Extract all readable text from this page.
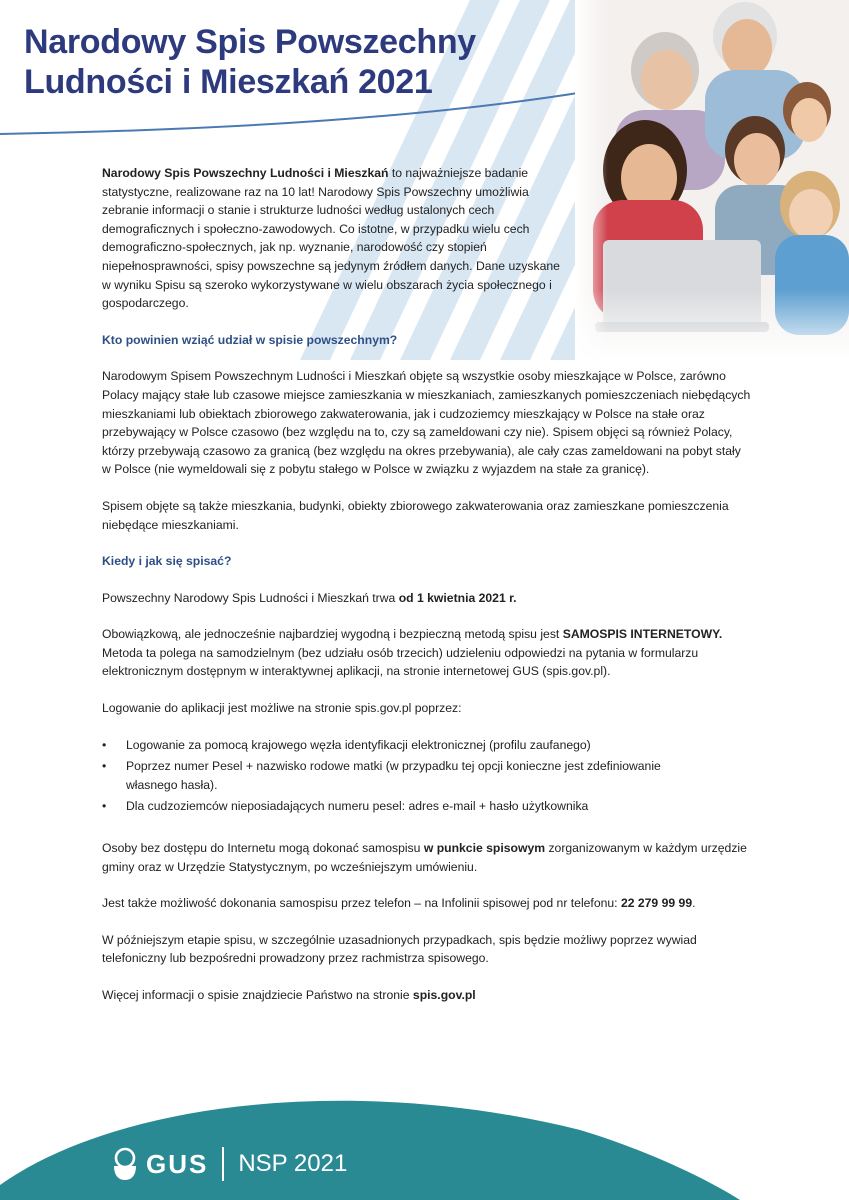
Narodowy Spis Powszechny
Ludności i Mieszkań 2021

Narodowy Spis Powszechny Ludności i Mieszkań to najważniejsze badanie statystyczne, realizowane raz na 10 lat! Narodowy Spis Powszechny umożliwia zebranie informacji o stanie i strukturze ludności według ustalonych cech demograficznych i społeczno-zawodowych. Co istotne, w przypadku wielu cech demograficzno-społecznych, jak np. wyznanie, narodowość czy stopień niepełnosprawności, spisy powszechne są jedynym źródłem danych. Dane uzyskane w wyniku Spisu są szeroko wykorzystywane w wielu obszarach życia społecznego i gospodarczego.

Kto powinien wziąć udział w spisie powszechnym?

Narodowym Spisem Powszechnym Ludności i Mieszkań objęte są wszystkie osoby mieszkające w Polsce, zarówno Polacy mający stałe lub czasowe miejsce zamieszkania w mieszkaniach, zamieszkanych pomieszczeniach niebędących mieszkaniami lub obiektach zbiorowego zakwaterowania, jak i cudzoziemcy mieszkający w Polsce na stałe oraz przebywający w Polsce czasowo (bez względu na to, czy są zameldowani czy nie). Spisem objęci są również Polacy, którzy przebywają czasowo za granicą (bez względu na okres przebywania), ale cały czas zameldowani na pobyt stały w Polsce (nie wymeldowali się z pobytu stałego w Polsce w związku z wyjazdem na stałe za granicę).

Spisem objęte są także mieszkania, budynki, obiekty zbiorowego zakwaterowania oraz zamieszkane pomieszczenia niebędące mieszkaniami.

Kiedy i jak się spisać?

Powszechny Narodowy Spis Ludności i Mieszkań trwa od 1 kwietnia 2021 r.

Obowiązkową, ale jednocześnie najbardziej wygodną i bezpieczną metodą spisu jest SAMOSPIS INTERNETOWY. Metoda ta polega na samodzielnym (bez udziału osób trzecich) udzieleniu odpowiedzi na pytania w formularzu elektronicznym dostępnym w interaktywnej aplikacji, na stronie internetowej GUS (spis.gov.pl).

Logowanie do aplikacji jest możliwe na stronie spis.gov.pl poprzez:

• Logowanie za pomocą krajowego węzła identyfikacji elektronicznej (profilu zaufanego)
• Poprzez numer Pesel + nazwisko rodowe matki (w przypadku tej opcji konieczne jest zdefiniowanie własnego hasła).
• Dla cudzoziemców nieposiadających numeru pesel: adres e-mail + hasło użytkownika

Osoby bez dostępu do Internetu mogą dokonać samospisu w punkcie spisowym zorganizowanym w każdym urzędzie gminy oraz w Urzędzie Statystycznym, po wcześniejszym umówieniu.

Jest także możliwość dokonania samospisu przez telefon – na Infolinii spisowej pod nr telefonu: 22 279 99 99.

W późniejszym etapie spisu, w szczególnie uzasadnionych przypadkach, spis będzie możliwy poprzez wywiad telefoniczny lub bezpośredni prowadzony przez rachmistrza spisowego.

Więcej informacji o spisie znajdziecie Państwo na stronie spis.gov.pl

GUS NSP 2021
